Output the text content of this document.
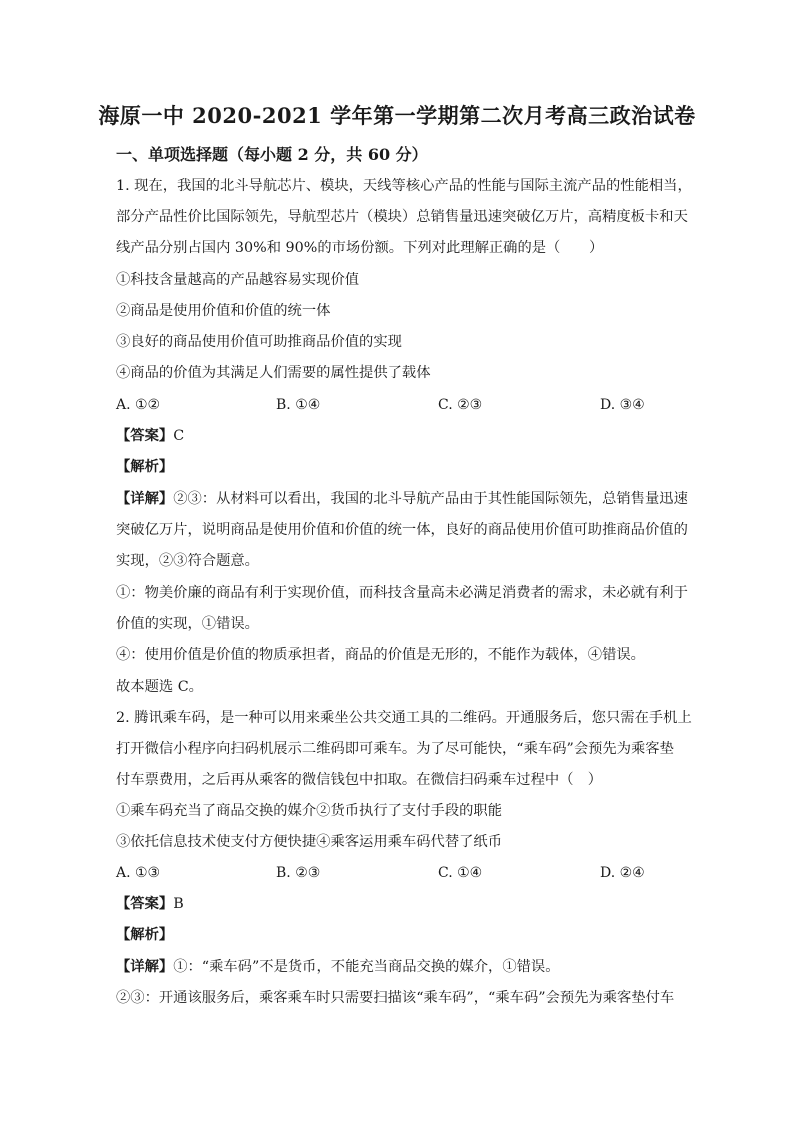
海原一中 2020-2021 学年第一学期第二次月考高三政治试卷
一、单项选择题（每小题 2 分，共 60 分）
1. 现在，我国的北斗导航芯片、模块，天线等核心产品的性能与国际主流产品的性能相当，
部分产品性价比国际领先，导航型芯片（模块）总销售量迅速突破亿万片，高精度板卡和天
线产品分别占国内 30%和 90%的市场份额。下列对此理解正确的是（　　）
①科技含量越高的产品越容易实现价值
②商品是使用价值和价值的统一体
③良好的商品使用价值可助推商品价值的实现
④商品的价值为其满足人们需要的属性提供了载体
A. ①②	B. ①④	C. ②③	D. ③④
【答案】C
【解析】
【详解】②③：从材料可以看出，我国的北斗导航产品由于其性能国际领先，总销售量迅速
突破亿万片，说明商品是使用价值和价值的统一体，良好的商品使用价值可助推商品价值的
实现，②③符合题意。
①：物美价廉的商品有利于实现价值，而科技含量高未必满足消费者的需求，未必就有利于
价值的实现，①错误。
④：使用价值是价值的物质承担者，商品的价值是无形的，不能作为载体，④错误。
故本题选 C。
2. 腾讯乘车码，是一种可以用来乘坐公共交通工具的二维码。开通服务后，您只需在手机上
打开微信小程序向扫码机展示二维码即可乘车。为了尽可能快，“乘车码”会预先为乘客垫
付车票费用，之后再从乘客的微信钱包中扣取。在微信扫码乘车过程中（　）
①乘车码充当了商品交换的媒介②货币执行了支付手段的职能
③依托信息技术使支付方便快捷④乘客运用乘车码代替了纸币
A. ①③	B. ②③	C. ①④	D. ②④
【答案】B
【解析】
【详解】①：“乘车码”不是货币，不能充当商品交换的媒介，①错误。
②③：开通该服务后，乘客乘车时只需要扫描该“乘车码”，“乘车码”会预先为乘客垫付车
